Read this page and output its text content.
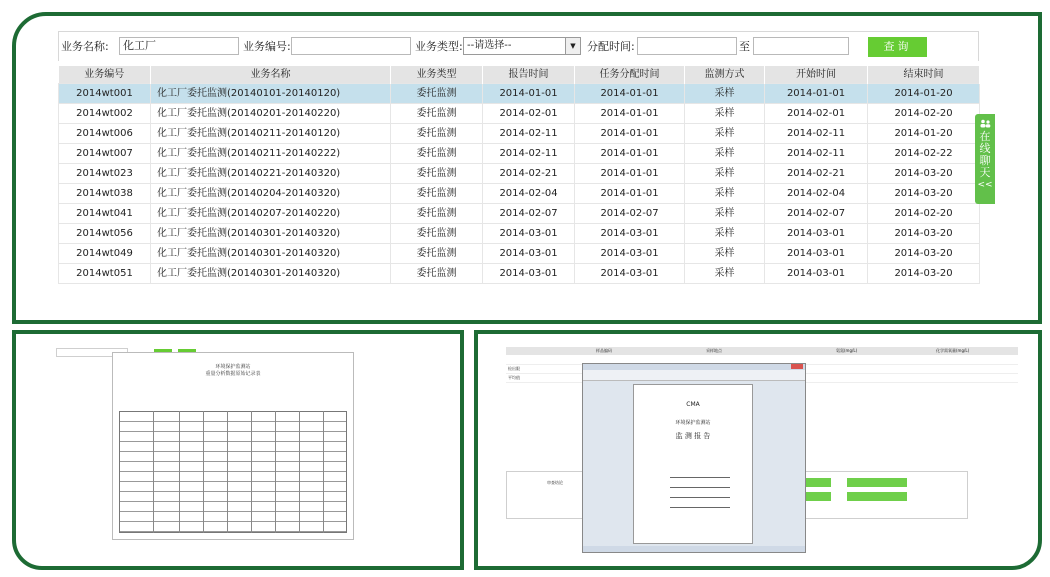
业务名称:	化工厂	业务编号:	业务类型: --请选择--	▼	分配时间:	至	查询
业务编号	业务名称	业务类型	报告时间	任务分配时间	监测方式	开始时间	结束时间
2014wt001	化工厂委托监测(20140101-20140120)	委托监测	2014-01-01	2014-01-01	采样	2014-01-01	2014-01-20
2014wt002	化工厂委托监测(20140201-20140220)	委托监测	2014-02-01	2014-01-01	采样	2014-02-01	2014-02-20
2014wt006	化工厂委托监测(20140211-20140120)	委托监测	2014-02-11	2014-01-01	采样	2014-02-11	2014-01-20
2014wt007	化工厂委托监测(20140211-20140222)	委托监测	2014-02-11	2014-01-01	采样	2014-02-11	2014-02-22
2014wt023	化工厂委托监测(20140221-20140320)	委托监测	2014-02-21	2014-01-01	采样	2014-02-21	2014-03-20
2014wt038	化工厂委托监测(20140204-20140320)	委托监测	2014-02-04	2014-01-01	采样	2014-02-04	2014-03-20
2014wt041	化工厂委托监测(20140207-20140220)	委托监测	2014-02-07	2014-02-07	采样	2014-02-07	2014-02-20
2014wt056	化工厂委托监测(20140301-20140320)	委托监测	2014-03-01	2014-03-01	采样	2014-03-01	2014-03-20
2014wt049	化工厂委托监测(20140301-20140320)	委托监测	2014-03-01	2014-03-01	采样	2014-03-01	2014-03-20
2014wt051	化工厂委托监测(20140301-20140320)	委托监测	2014-03-01	2014-03-01	采样	2014-03-01	2014-03-20
在
线
聊
天
<<
环境保护监测站
重量分析数据原始记录表
样品编码	采样地点	氨氮(mg/L)	化学需氧量(mg/L)
检出限
平均值
审查结论
CMA
环境保护监测站
监 测 报 告
